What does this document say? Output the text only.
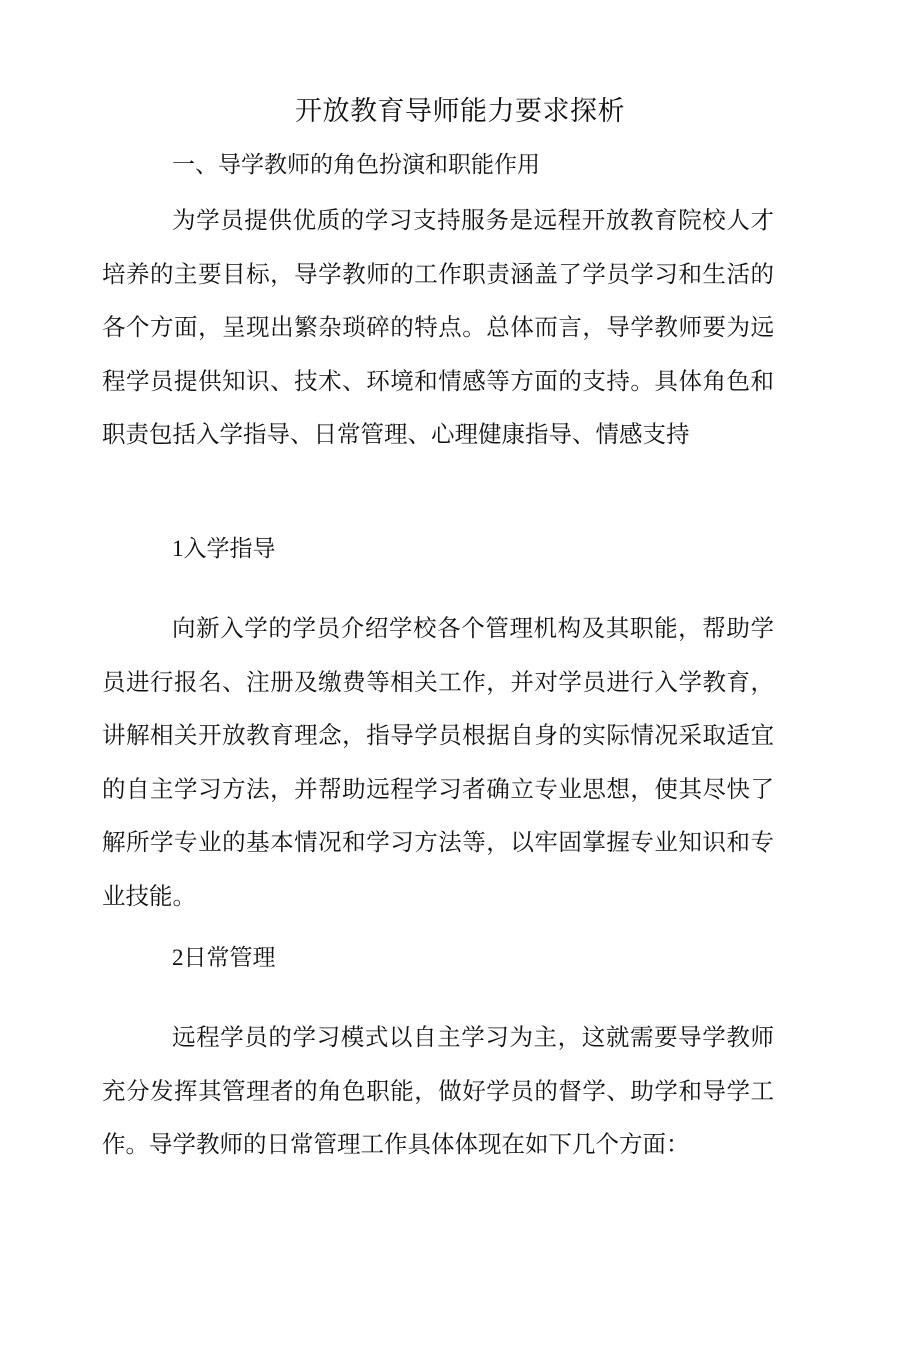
开放教育导师能力要求探析
一、导学教师的角色扮演和职能作用

为学员提供优质的学习支持服务是远程开放教育院校人才培养的主要目标，导学教师的工作职责涵盖了学员学习和生活的各个方面，呈现出繁杂琐碎的特点。总体而言，导学教师要为远程学员提供知识、技术、环境和情感等方面的支持。具体角色和职责包括入学指导、日常管理、心理健康指导、情感支持

1入学指导

向新入学的学员介绍学校各个管理机构及其职能，帮助学员进行报名、注册及缴费等相关工作，并对学员进行入学教育，讲解相关开放教育理念，指导学员根据自身的实际情况采取适宜的自主学习方法，并帮助远程学习者确立专业思想，使其尽快了解所学专业的基本情况和学习方法等，以牢固掌握专业知识和专业技能。

2日常管理

远程学员的学习模式以自主学习为主，这就需要导学教师充分发挥其管理者的角色职能，做好学员的督学、助学和导学工作。导学教师的日常管理工作具体体现在如下几个方面：
